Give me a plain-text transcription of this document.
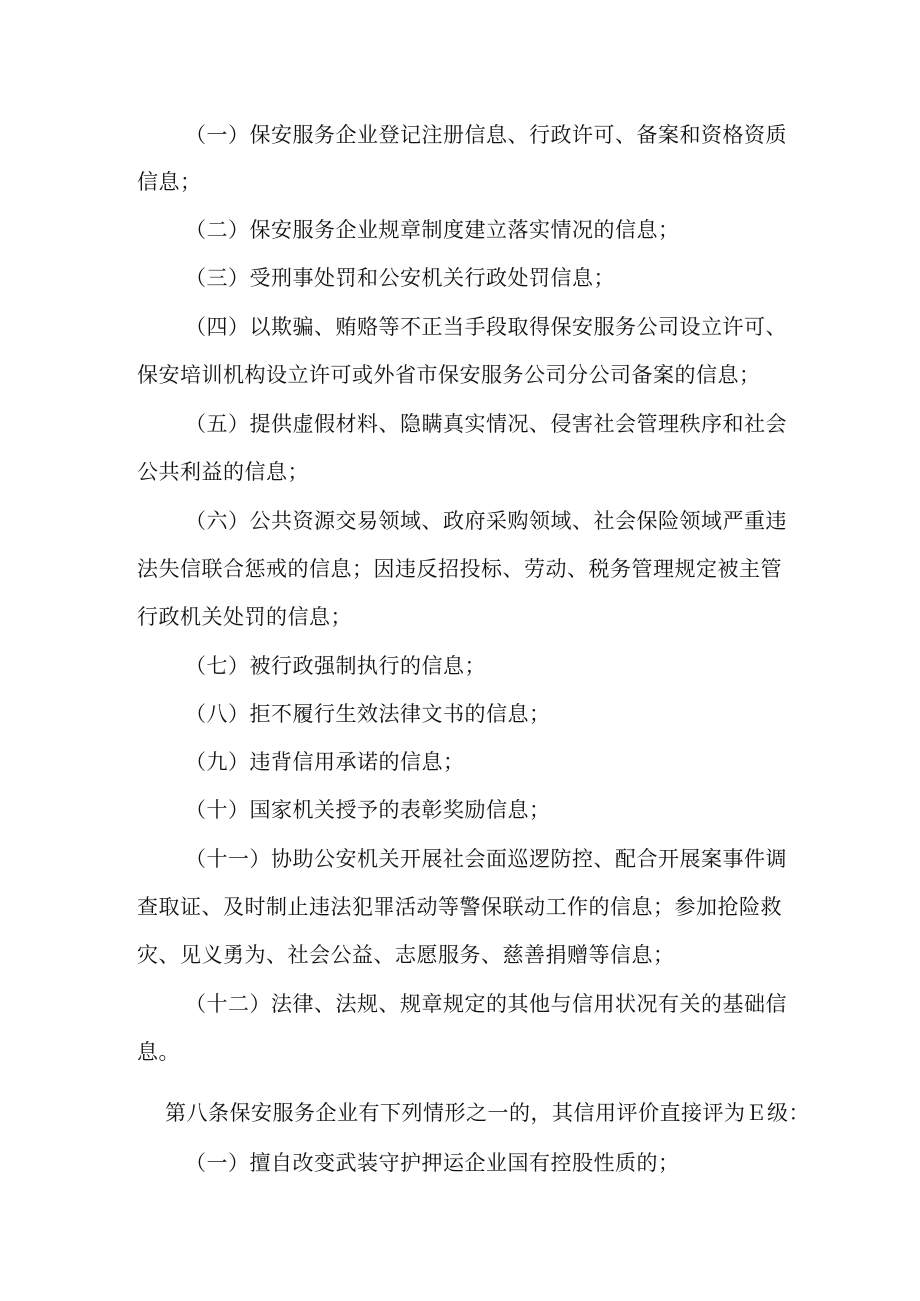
（一）保安服务企业登记注册信息、行政许可、备案和资格资质
信息；
（二）保安服务企业规章制度建立落实情况的信息；
（三）受刑事处罚和公安机关行政处罚信息；
（四）以欺骗、贿赂等不正当手段取得保安服务公司设立许可、
保安培训机构设立许可或外省市保安服务公司分公司备案的信息；
（五）提供虚假材料、隐瞒真实情况、侵害社会管理秩序和社会
公共利益的信息；
（六）公共资源交易领域、政府采购领域、社会保险领域严重违
法失信联合惩戒的信息；因违反招投标、劳动、税务管理规定被主管
行政机关处罚的信息；
（七）被行政强制执行的信息；
（八）拒不履行生效法律文书的信息；
（九）违背信用承诺的信息；
（十）国家机关授予的表彰奖励信息；
（十一）协助公安机关开展社会面巡逻防控、配合开展案事件调
查取证、及时制止违法犯罪活动等警保联动工作的信息；参加抢险救
灾、见义勇为、社会公益、志愿服务、慈善捐赠等信息；
（十二）法律、法规、规章规定的其他与信用状况有关的基础信
息。
第八条保安服务企业有下列情形之一的，其信用评价直接评为Ｅ级：
（一）擅自改变武装守护押运企业国有控股性质的；
